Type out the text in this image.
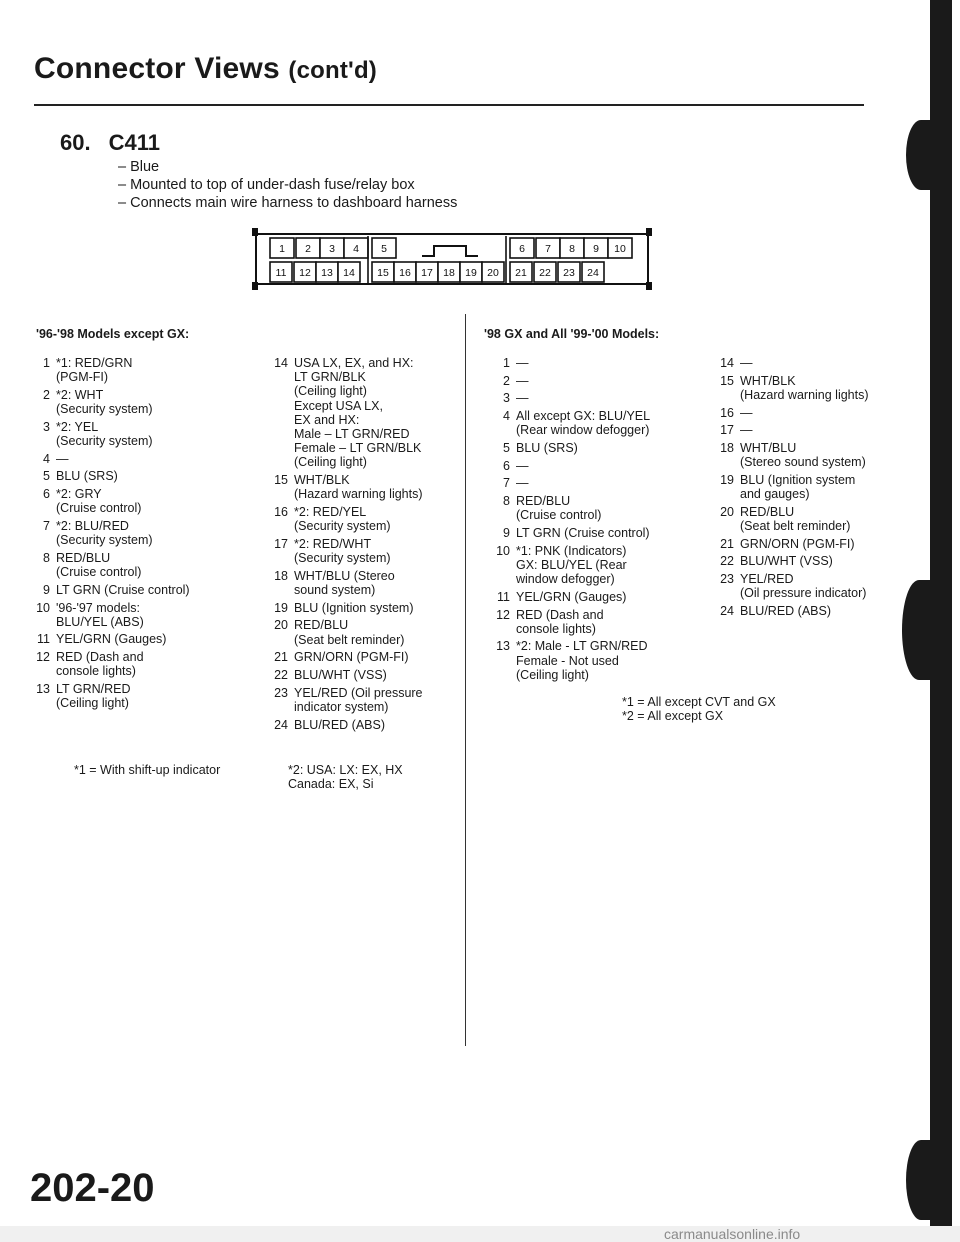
Connector Views (cont'd)
60. C411
– Blue
– Mounted to top of under-dash fuse/relay box
– Connects main wire harness to dashboard harness
1 2 3 4 5	6 7 8 9 10
11 12 13 14 15 16 17 18 19 20 21 22 23 24
'96-'98 Models except GX:
1 *1: RED/GRN
(PGM-FI)
2 *2: WHT
(Security system)
3 *2: YEL
(Security system)
4 —
5 BLU (SRS)
6 *2: GRY
(Cruise control)
7 *2: BLU/RED
(Security system)
8 RED/BLU
(Cruise control)
9 LT GRN (Cruise control)
10 '96-'97 models:
BLU/YEL (ABS)
11 YEL/GRN (Gauges)
12 RED (Dash and
console lights)
13 LT GRN/RED
(Ceiling light)
14 USA LX, EX, and HX:
LT GRN/BLK
(Ceiling light)
Except USA LX,
EX and HX:
Male – LT GRN/RED
Female – LT GRN/BLK
(Ceiling light)
15 WHT/BLK
(Hazard warning lights)
16 *2: RED/YEL
(Security system)
17 *2: RED/WHT
(Security system)
18 WHT/BLU (Stereo
sound system)
19 BLU (Ignition system)
20 RED/BLU
(Seat belt reminder)
21 GRN/ORN (PGM-FI)
22 BLU/WHT (VSS)
23 YEL/RED (Oil pressure
indicator system)
24 BLU/RED (ABS)
*1 = With shift-up indicator	*2: USA: LX: EX, HX
Canada: EX, Si
'98 GX and All '99-'00 Models:
1 —
2 —
3 —
4 All except GX: BLU/YEL
(Rear window defogger)
5 BLU (SRS)
6 —
7 —
8 RED/BLU
(Cruise control)
9 LT GRN (Cruise control)
10 *1: PNK (Indicators)
GX: BLU/YEL (Rear
window defogger)
11 YEL/GRN (Gauges)
12 RED (Dash and
console lights)
13 *2: Male - LT GRN/RED
Female - Not used
(Ceiling light)
14 —
15 WHT/BLK
(Hazard warning lights)
16 —
17 —
18 WHT/BLU
(Stereo sound system)
19 BLU (Ignition system
and gauges)
20 RED/BLU
(Seat belt reminder)
21 GRN/ORN (PGM-FI)
22 BLU/WHT (VSS)
23 YEL/RED
(Oil pressure indicator)
24 BLU/RED (ABS)
*1 = All except CVT and GX
*2 = All except GX
202-20
carmanualsonline.info
